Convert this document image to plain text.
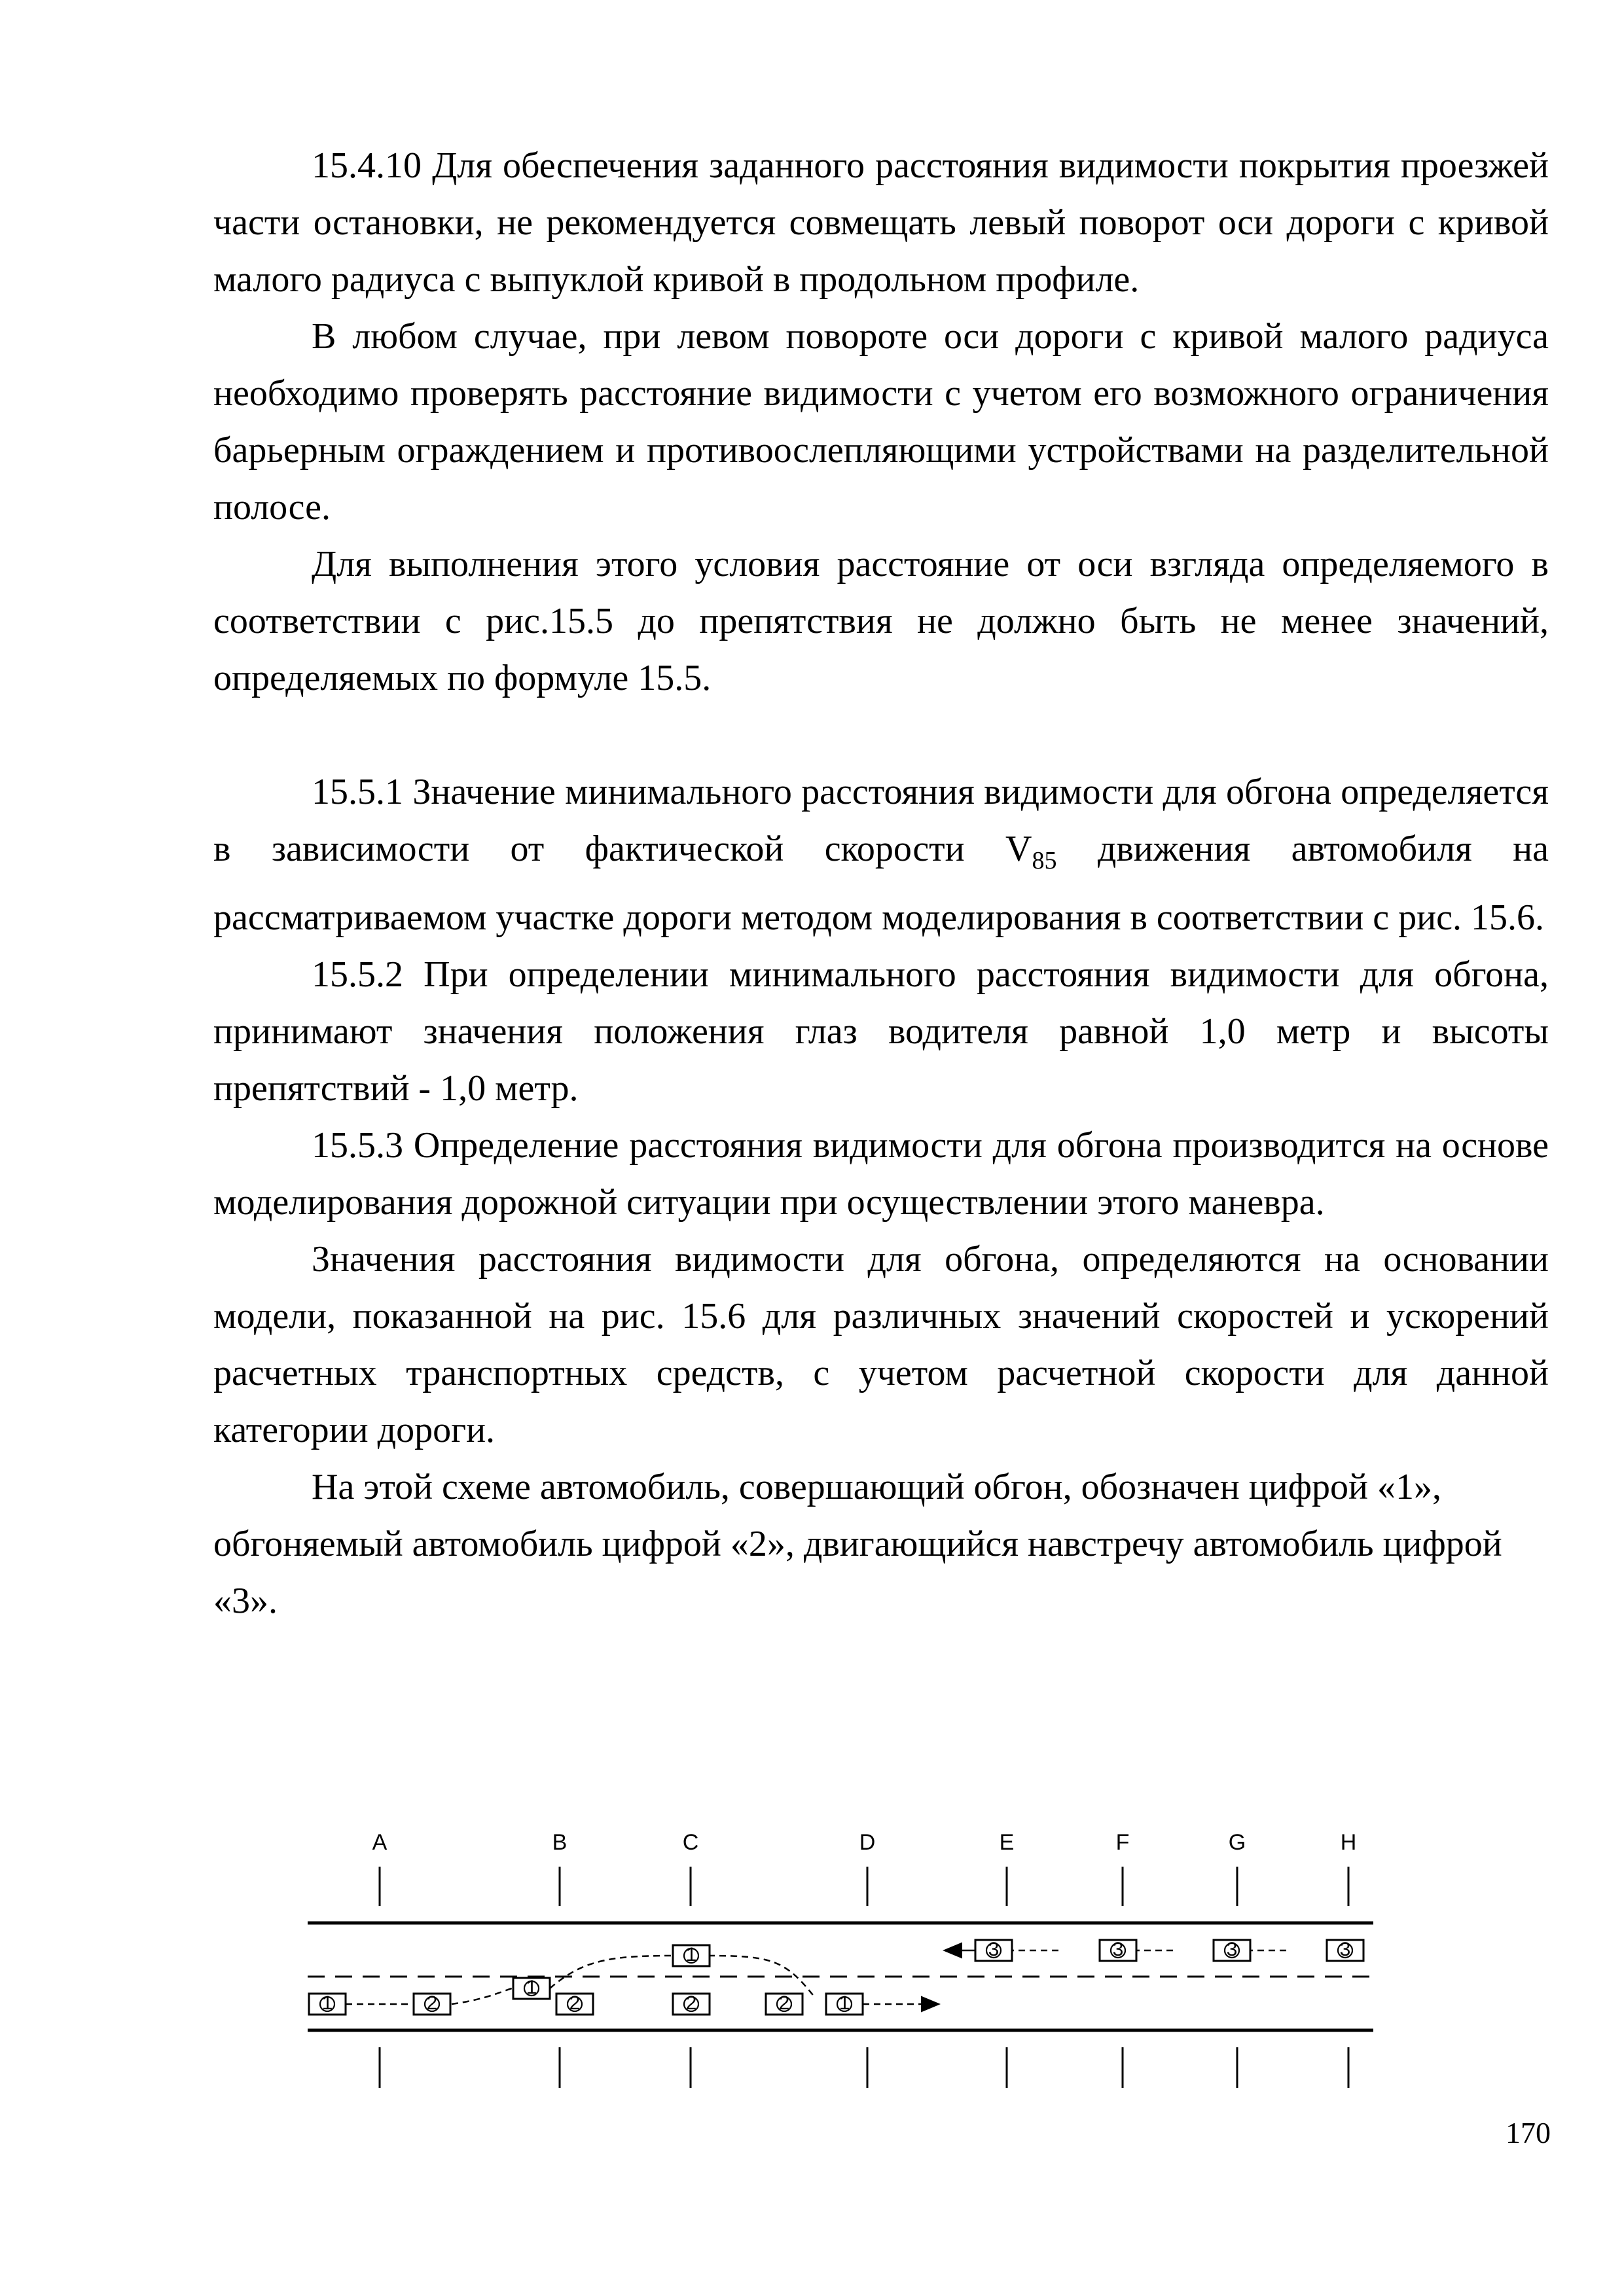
15.4.10 Для обеспечения заданного расстояния видимости покрытия проезжей части остановки, не рекомендуется совмещать левый поворот оси дороги с кривой малого радиуса с выпуклой кривой в продольном профиле.

В любом случае, при левом повороте оси дороги с кривой малого радиуса необходимо проверять расстояние видимости с учетом его возможного ограничения барьерным ограждением и противоослепляющими устройствами на разделительной полосе.

Для выполнения этого условия расстояние от оси взгляда определяемого в соответствии с рис.15.5 до препятствия не должно быть не менее значений, определяемых по формуле 15.5.

15.5.1 Значение минимального расстояния видимости для обгона определяется в зависимости от фактической скорости $V_{85}$ движения автомобиля на рассматриваемом участке дороги методом моделирования в соответствии с рис. 15.6.

15.5.2 При определении минимального расстояния видимости для обгона, принимают значения положения глаз водителя равной 1,0 метр и высоты препятствий - 1,0 метр.

15.5.3 Определение расстояния видимости для обгона производится на основе моделирования дорожной ситуации при осуществлении этого маневра.

Значения расстояния видимости для обгона, определяются на основании модели, показанной на рис. 15.6 для различных значений скоростей и ускорений расчетных транспортных средств, с учетом расчетной скорости для данной категории дороги.

На этой схеме автомобиль, совершающий обгон, обозначен цифрой «1», обгоняемый автомобиль цифрой «2», двигающийся навстречу автомобиль цифрой «3».

A	B	C	D	E	F	G	H
1	2
1
2
1
2	2	1
3	3	3	3
170
